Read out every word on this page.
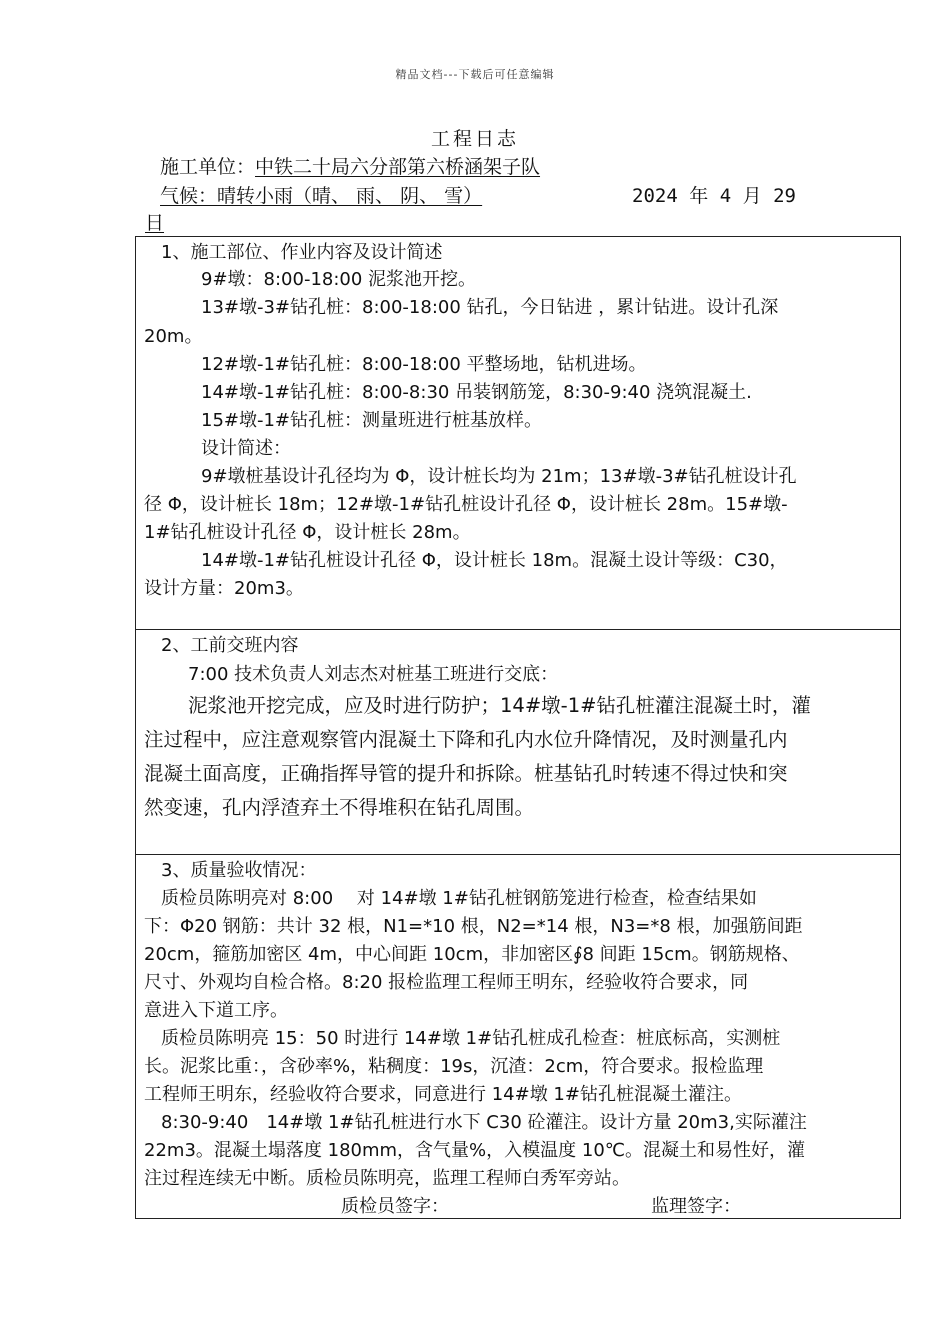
精品文档---下载后可任意编辑
工程日志
施工单位：中铁二十局六分部第六桥涵架子队
气候：晴转小雨（晴、 雨、 阴、 雪）	2024 年 4 月 29
日
1、施工部位、作业内容及设计简述
9#墩：8:00-18:00 泥浆池开挖。
13#墩-3#钻孔桩：8:00-18:00 钻孔，今日钻进 ，累计钻进。设计孔深
20m。
12#墩-1#钻孔桩：8:00-18:00 平整场地，钻机进场。
14#墩-1#钻孔桩：8:00-8:30 吊装钢筋笼，8:30-9:40 浇筑混凝土.
15#墩-1#钻孔桩：测量班进行桩基放样。
设计简述：
9#墩桩基设计孔径均为 Φ，设计桩长均为 21m；13#墩-3#钻孔桩设计孔
径 Φ，设计桩长 18m；12#墩-1#钻孔桩设计孔径 Φ，设计桩长 28m。15#墩-
1#钻孔桩设计孔径 Φ，设计桩长 28m。
14#墩-1#钻孔桩设计孔径 Φ，设计桩长 18m。混凝土设计等级：C30，
设计方量：20m3。
2、工前交班内容
7:00 技术负责人刘志杰对桩基工班进行交底：
泥浆池开挖完成，应及时进行防护；14#墩-1#钻孔桩灌注混凝土时，灌
注过程中，应注意观察管内混凝土下降和孔内水位升降情况，及时测量孔内
混凝土面高度，正确指挥导管的提升和拆除。桩基钻孔时转速不得过快和突
然变速，孔内浮渣弃土不得堆积在钻孔周围。
3、质量验收情况：
质检员陈明亮对 8:00　 对 14#墩 1#钻孔桩钢筋笼进行检查，检查结果如
下：Φ20 钢筋：共计 32 根，N1=*10 根，N2=*14 根，N3=*8 根，加强筋间距
20cm，箍筋加密区 4m，中心间距 10cm，非加密区∮8 间距 15cm。钢筋规格、
尺寸、外观均自检合格。8:20 报检监理工程师王明东，经验收符合要求，同
意进入下道工序。
质检员陈明亮 15：50 时进行 14#墩 1#钻孔桩成孔检查：桩底标高，实测桩
长。泥浆比重：，含砂率%，粘稠度：19s，沉渣：2cm，符合要求。报检监理
工程师王明东，经验收符合要求，同意进行 14#墩 1#钻孔桩混凝土灌注。
8:30-9:40　14#墩 1#钻孔桩进行水下 C30 砼灌注。设计方量 20m3,实际灌注
22m3。混凝土塌落度 180mm，含气量%，入模温度 10℃。混凝土和易性好，灌
注过程连续无中断。质检员陈明亮，监理工程师白秀军旁站。
质检员签字：	监理签字：
